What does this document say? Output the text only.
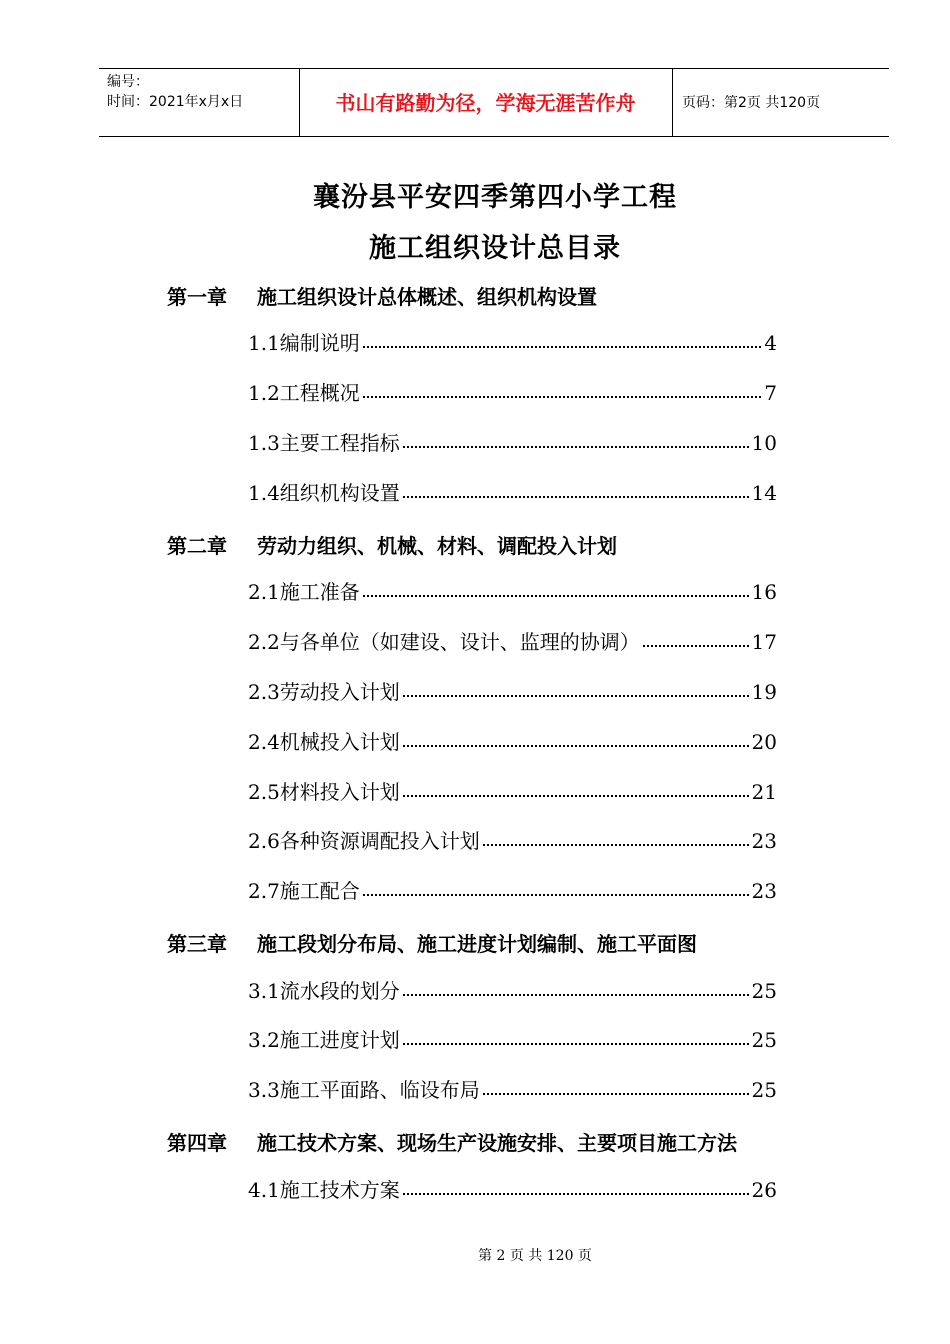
编号：
时间：2021年x月x日	书山有路勤为径，学海无涯苦作舟	页码：第2页 共120页
襄汾县平安四季第四小学工程
施工组织设计总目录
第一章 施工组织设计总体概述、组织机构设置
1.1编制说明	4
1.2工程概况	7
1.3主要工程指标	10
1.4组织机构设置	14
第二章 劳动力组织、机械、材料、调配投入计划
2.1施工准备	16
2.2与各单位（如建设、设计、监理的协调）	17
2.3劳动投入计划	19
2.4机械投入计划	20
2.5材料投入计划	21
2.6各种资源调配投入计划	23
2.7施工配合	23
第三章 施工段划分布局、施工进度计划编制、施工平面图
3.1流水段的划分	25
3.2施工进度计划	25
3.3施工平面路、临设布局	25
第四章 施工技术方案、现场生产设施安排、主要项目施工方法
4.1施工技术方案	26
第 2 页 共 120 页
